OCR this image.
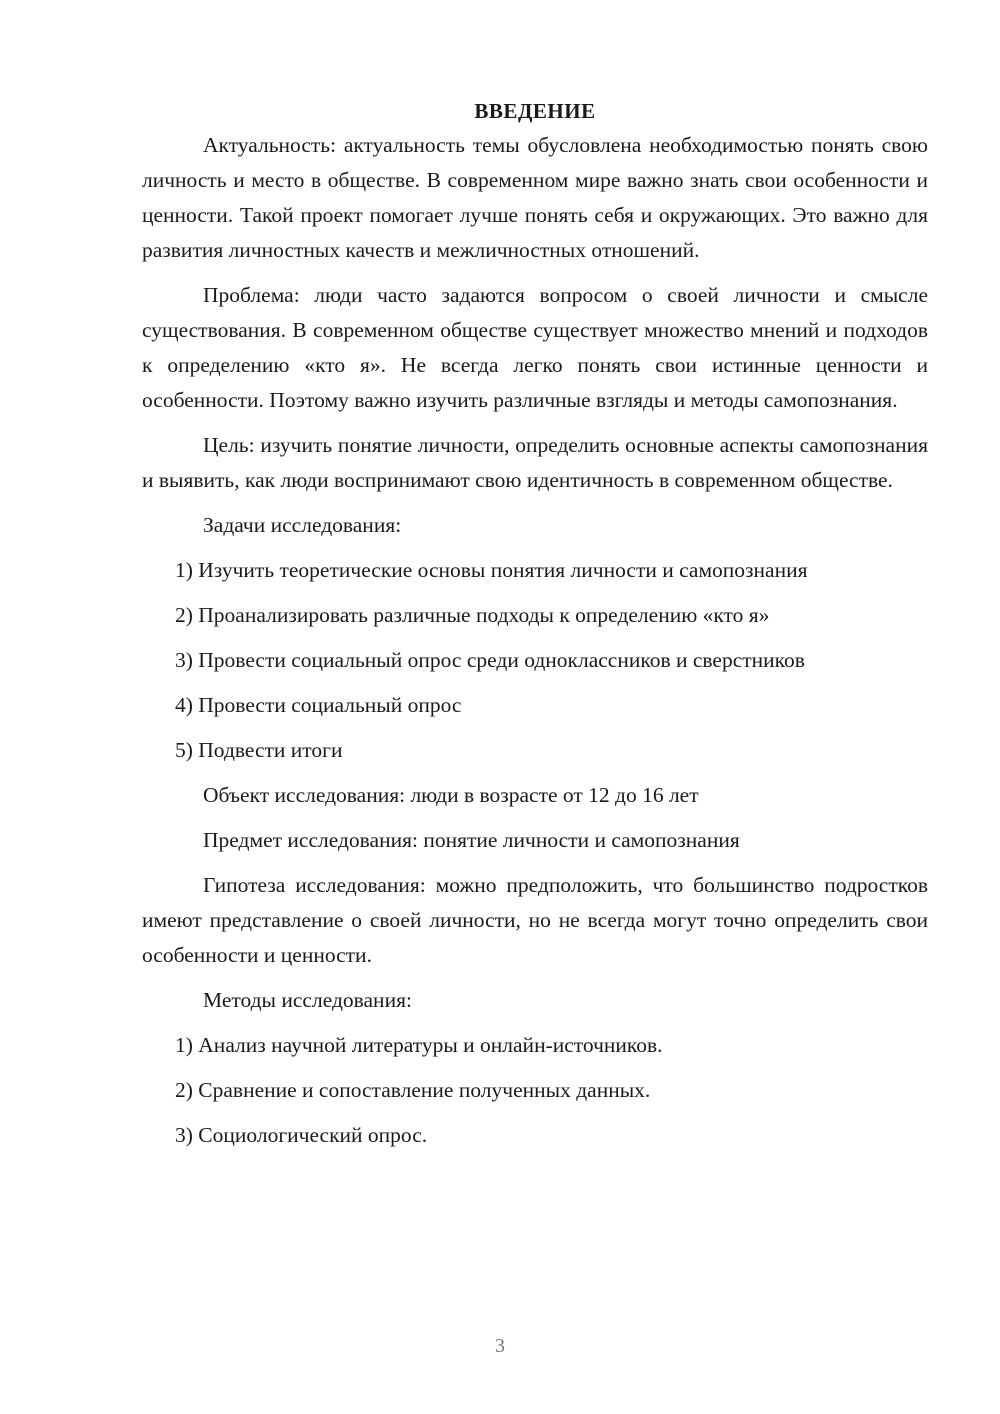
ВВЕДЕНИЕ

Актуальность: актуальность темы обусловлена необходимостью понять свою личность и место в обществе. В современном мире важно знать свои особенности и ценности. Такой проект помогает лучше понять себя и окружающих. Это важно для развития личностных качеств и межличностных отношений.

Проблема: люди часто задаются вопросом о своей личности и смысле существования. В современном обществе существует множество мнений и подходов к определению «кто я». Не всегда легко понять свои истинные ценности и особенности. Поэтому важно изучить различные взгляды и методы самопознания.

Цель: изучить понятие личности, определить основные аспекты самопознания и выявить, как люди воспринимают свою идентичность в современном обществе.

Задачи исследования:

1) Изучить теоретические основы понятия личности и самопознания
2) Проанализировать различные подходы к определению «кто я»
3) Провести социальный опрос среди одноклассников и сверстников
4) Провести социальный опрос
5) Подвести итоги

Объект исследования: люди в возрасте от 12 до 16 лет

Предмет исследования: понятие личности и самопознания

Гипотеза исследования: можно предположить, что большинство подростков имеют представление о своей личности, но не всегда могут точно определить свои особенности и ценности.

Методы исследования:

1) Анализ научной литературы и онлайн-источников.
2) Сравнение и сопоставление полученных данных.
3) Социологический опрос.
3
